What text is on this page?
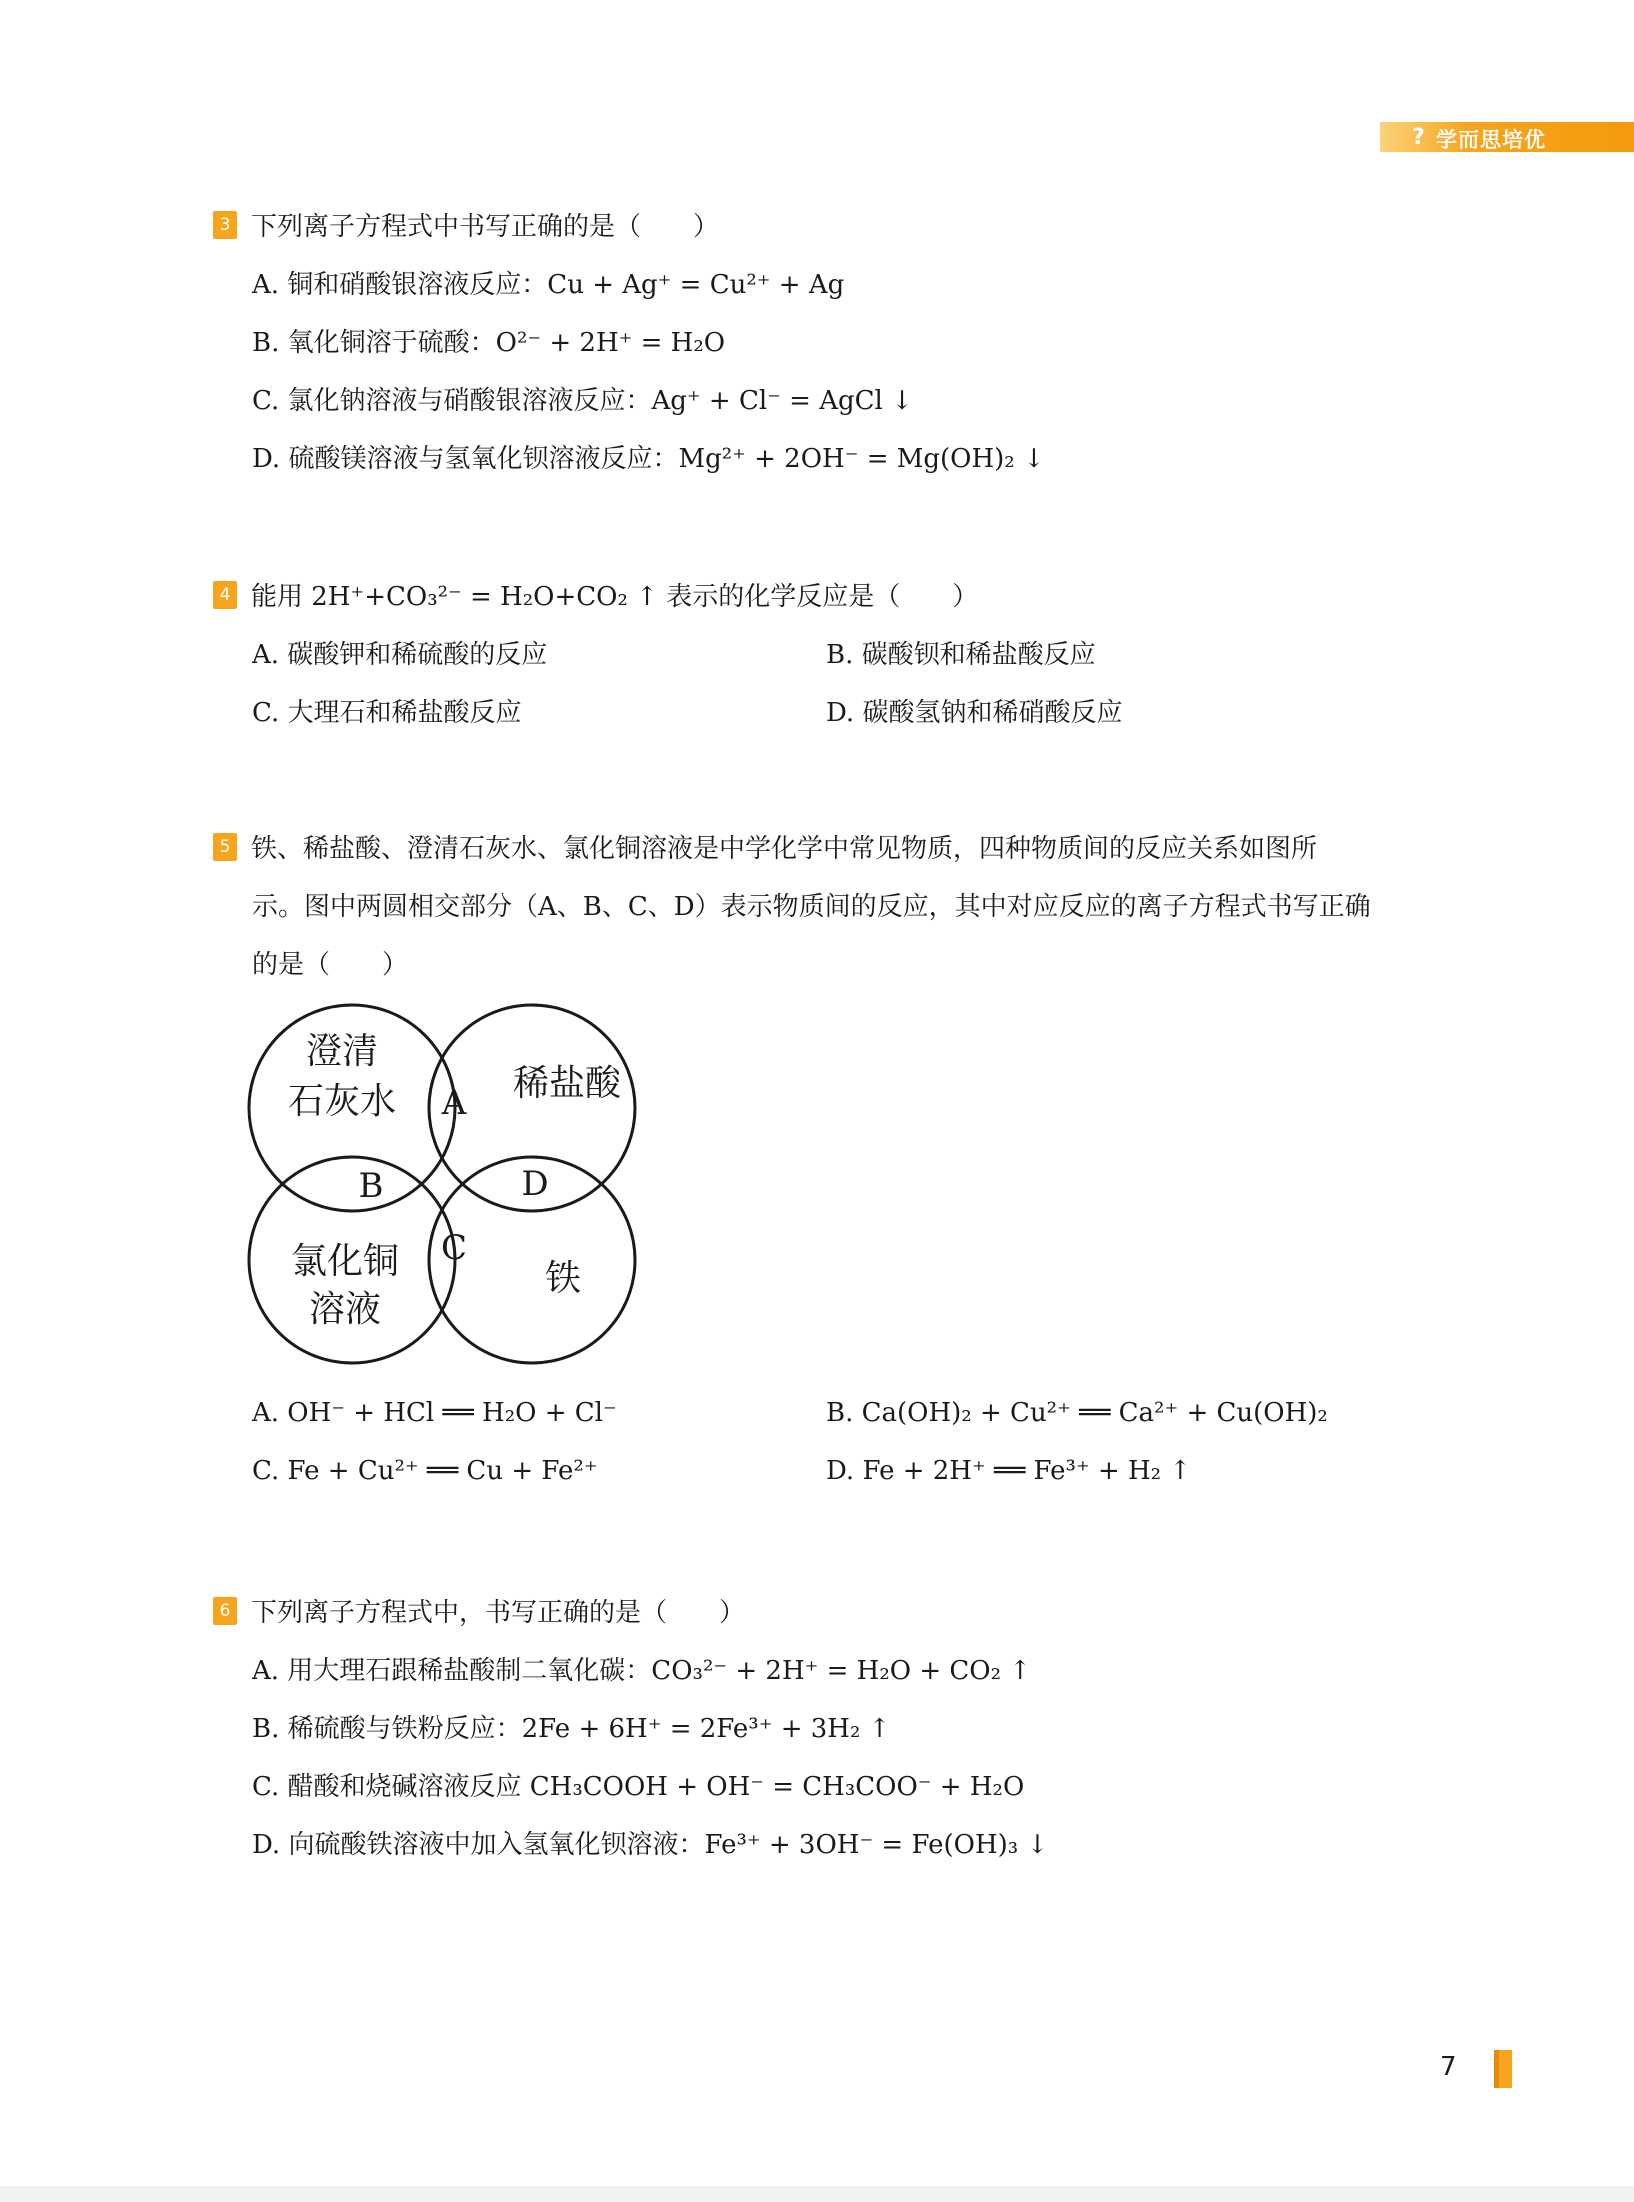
? 学而思培优
3 下列离子方程式中书写正确的是（　　）
A. 铜和硝酸银溶液反应：Cu + Ag⁺ = Cu²⁺ + Ag
B. 氧化铜溶于硫酸：O²⁻ + 2H⁺ = H₂O
C. 氯化钠溶液与硝酸银溶液反应：Ag⁺ + Cl⁻ = AgCl ↓
D. 硫酸镁溶液与氢氧化钡溶液反应：Mg²⁺ + 2OH⁻ = Mg(OH)₂ ↓
4 能用 2H⁺+CO₃²⁻ = H₂O+CO₂ ↑ 表示的化学反应是（　　）
A. 碳酸钾和稀硫酸的反应	B. 碳酸钡和稀盐酸反应
C. 大理石和稀盐酸反应	D. 碳酸氢钠和稀硝酸反应
5 铁、稀盐酸、澄清石灰水、氯化铜溶液是中学化学中常见物质，四种物质间的反应关系如图所
示。图中两圆相交部分（A、B、C、D）表示物质间的反应，其中对应反应的离子方程式书写正确
的是（　　）
澄清
石灰水	稀盐酸
氯化铜
溶液
铁
A
B
C
D
A. OH⁻ + HCl ══ H₂O + Cl⁻	B. Ca(OH)₂ + Cu²⁺ ══ Ca²⁺ + Cu(OH)₂
C. Fe + Cu²⁺ ══ Cu + Fe²⁺	D. Fe + 2H⁺ ══ Fe³⁺ + H₂ ↑
6 下列离子方程式中，书写正确的是（　　）
A. 用大理石跟稀盐酸制二氧化碳：CO₃²⁻ + 2H⁺ = H₂O + CO₂ ↑
B. 稀硫酸与铁粉反应：2Fe + 6H⁺ = 2Fe³⁺ + 3H₂ ↑
C. 醋酸和烧碱溶液反应 CH₃COOH + OH⁻ = CH₃COO⁻ + H₂O
D. 向硫酸铁溶液中加入氢氧化钡溶液：Fe³⁺ + 3OH⁻ = Fe(OH)₃ ↓
7
